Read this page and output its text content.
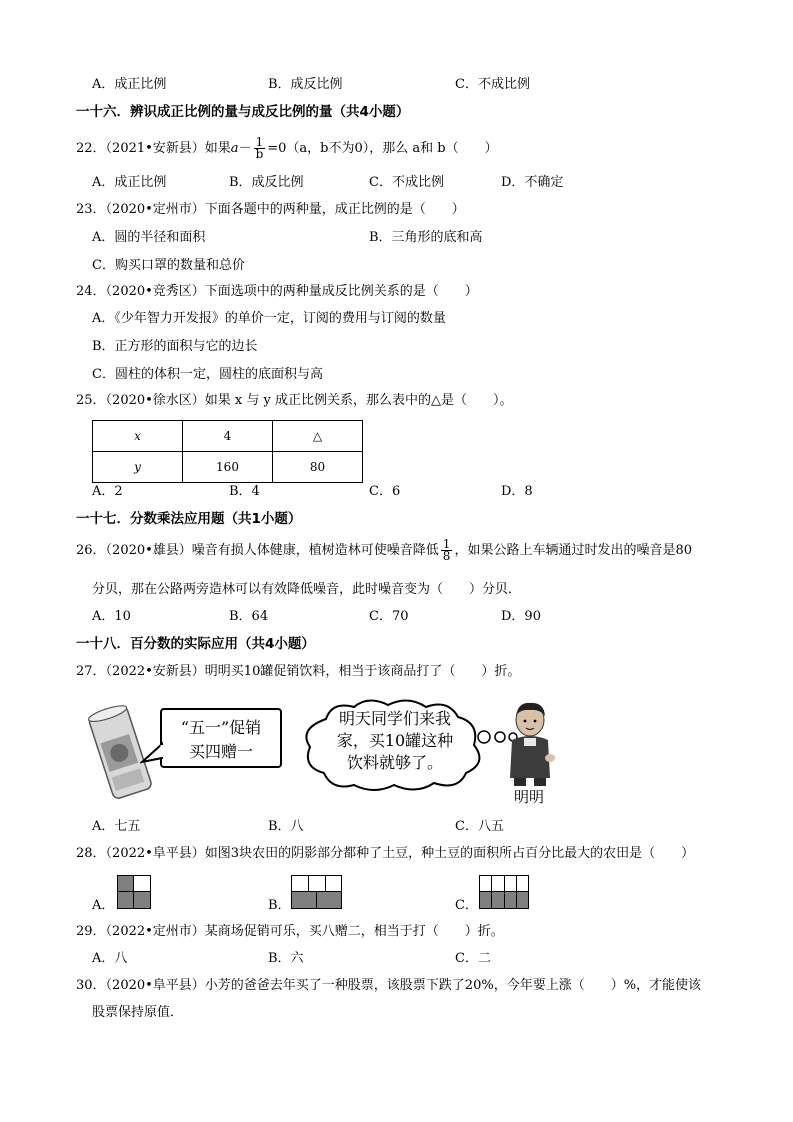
A．成正比例	B．成反比例	C．不成比例
一十六．辨识成正比例的量与成反比例的量（共4小题）
22．（2021•安新县）如果$a- \frac{1}{b} =0(a$，b不为0），那么 a和 b（　　）
A．成正比例	B．成反比例	C．不成比例	D．不确定
23．（2020•定州市）下面各题中的两种量，成正比例的是（　　）
A．圆的半径和面积	B．三角形的底和高
C．购买口罩的数量和总价
24．（2020•竞秀区）下面选项中的两种量成反比例关系的是（　　）
A．《少年智力开发报》的单价一定，订阅的费用与订阅的数量
B．正方形的面积与它的边长
C．圆柱的体积一定，圆柱的底面积与高
25．（2020•徐水区）如果 x 与 y 成正比例关系，那么表中的△是（　　）。
x	4	△
y	160	80
A．2	B．4	C．6	D．8
一十七．分数乘法应用题（共1小题）
26．（2020•雄县）噪音有损人体健康，植树造林可使噪音降低 $\frac{1}{8}$ ，如果公路上车辆通过时发出的噪音是80
分贝，那在公路两旁造林可以有效降低噪音，此时噪音变为（　　）分贝．
A．10	B．64	C．70	D．90
一十八．百分数的实际应用（共4小题）
27．（2022•安新县）明明买10罐促销饮料，相当于该商品打了（　　）折。
“五一”促销
买四赠一
明天同学们来我
家，买10罐这种
饮料就够了。
明明
A．七五	B．八	C．八五
28．（2022•阜平县）如图3块农田的阴影部分都种了土豆，种土豆的面积所占百分比最大的农田是（　　）
A．	B．	C．
29．（2022•定州市）某商场促销可乐，买八赠二，相当于打（　　）折。
A．八	B．六	C．二
30．（2020•阜平县）小芳的爸爸去年买了一种股票，该股票下跌了20%，今年要上涨（　　）%，才能使该
股票保持原值．
